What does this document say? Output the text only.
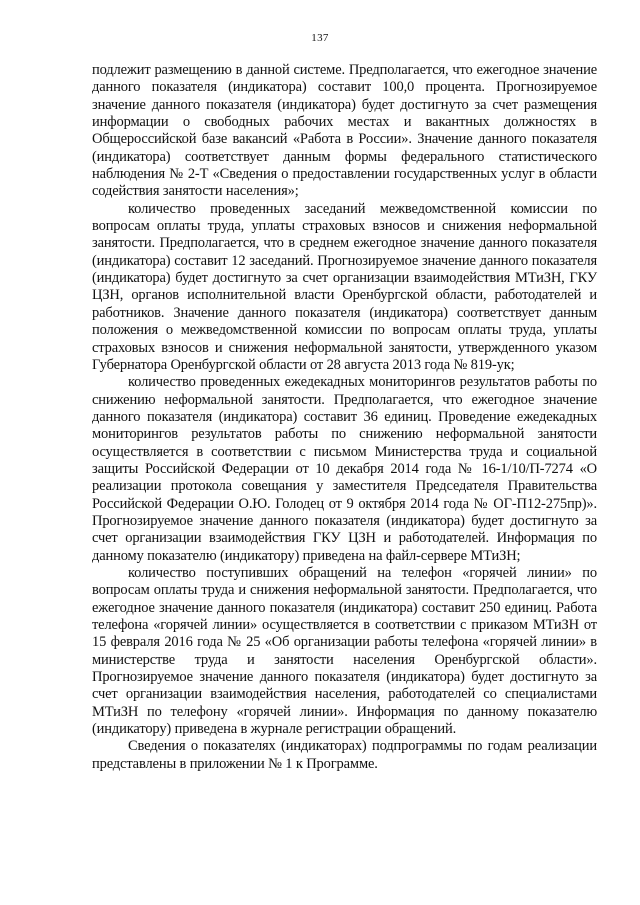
137

подлежит размещению в данной системе. Предполагается, что ежегодное значение данного показателя (индикатора) составит 100,0 процента. Прогнозируемое значение данного показателя (индикатора) будет достигнуто за счет размещения информации о свободных рабочих местах и вакантных должностях в Общероссийской базе вакансий «Работа в России». Значение данного показателя (индикатора) соответствует данным формы федерального статистического наблюдения № 2-Т «Сведения о предоставлении государственных услуг в области содействия занятости населения»;

количество проведенных заседаний межведомственной комиссии по вопросам оплаты труда, уплаты страховых взносов и снижения неформальной занятости. Предполагается, что в среднем ежегодное значение данного показателя (индикатора) составит 12 заседаний. Прогнозируемое значение данного показателя (индикатора) будет достигнуто за счет организации взаимодействия МТиЗН, ГКУ ЦЗН, органов исполнительной власти Оренбургской области, работодателей и работников. Значение данного показателя (индикатора) соответствует данным положения о межведомственной комиссии по вопросам оплаты труда, уплаты страховых взносов и снижения неформальной занятости, утвержденного указом Губернатора Оренбургской области от 28 августа 2013 года № 819-ук;

количество проведенных ежедекадных мониторингов результатов работы по снижению неформальной занятости. Предполагается, что ежегодное значение данного показателя (индикатора) составит 36 единиц. Проведение ежедекадных мониторингов результатов работы по снижению неформальной занятости осуществляется в соответствии с письмом Министерства труда и социальной защиты Российской Федерации от 10 декабря 2014 года № 16-1/10/П-7274 «О реализации протокола совещания у заместителя Председателя Правительства Российской Федерации О.Ю. Голодец от 9 октября 2014 года № ОГ-П12-275пр)». Прогнозируемое значение данного показателя (индикатора) будет достигнуто за счет организации взаимодействия ГКУ ЦЗН и работодателей. Информация по данному показателю (индикатору) приведена на файл-сервере МТиЗН;

количество поступивших обращений на телефон «горячей линии» по вопросам оплаты труда и снижения неформальной занятости. Предполагается, что ежегодное значение данного показателя (индикатора) составит 250 единиц. Работа телефона «горячей линии» осуществляется в соответствии с приказом МТиЗН от 15 февраля 2016 года № 25 «Об организации работы телефона «горячей линии» в министерстве труда и занятости населения Оренбургской области». Прогнозируемое значение данного показателя (индикатора) будет достигнуто за счет организации взаимодействия населения, работодателей со специалистами МТиЗН по телефону «горячей линии». Информация по данному показателю (индикатору) приведена в журнале регистрации обращений.

Сведения о показателях (индикаторах) подпрограммы по годам реализации представлены в приложении № 1 к Программе.
